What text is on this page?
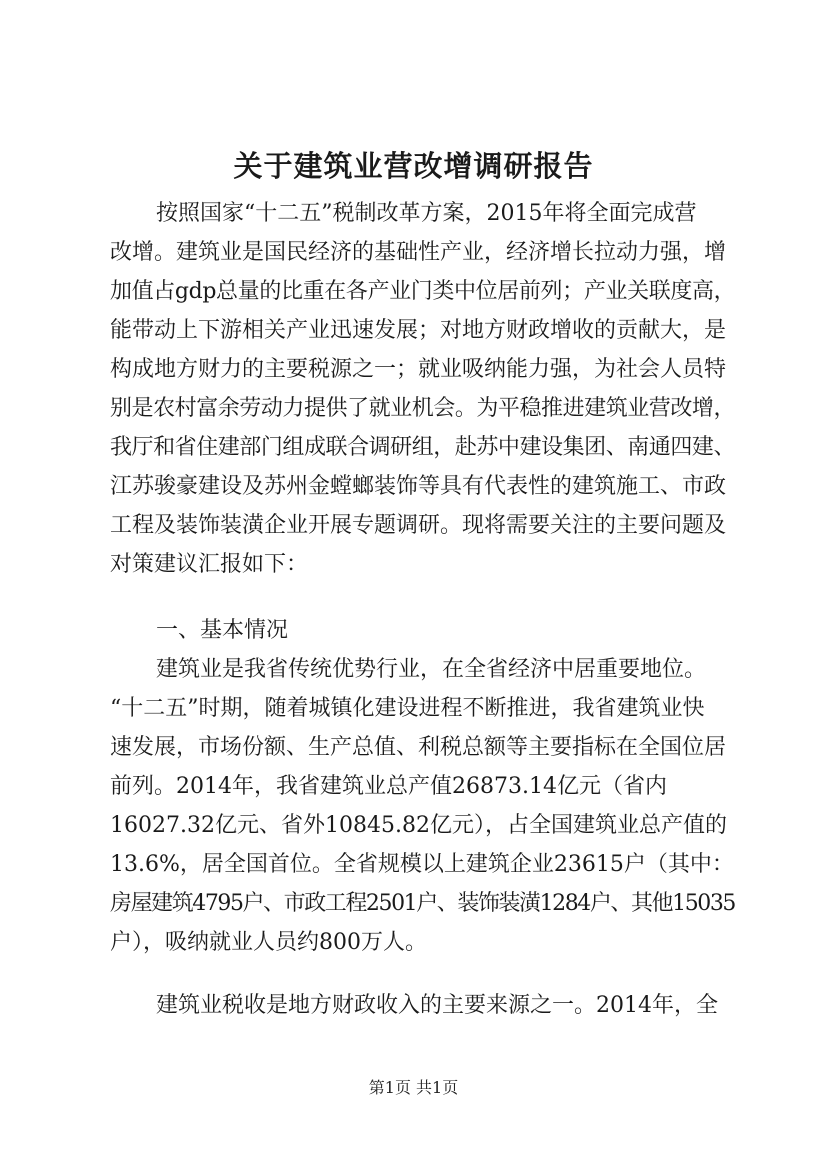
关于建筑业营改增调研报告
按照国家“十二五”税制改革方案，2015年将全面完成营
改增。建筑业是国民经济的基础性产业，经济增长拉动力强，增
加值占gdp总量的比重在各产业门类中位居前列；产业关联度高，
能带动上下游相关产业迅速发展；对地方财政增收的贡献大，是
构成地方财力的主要税源之一；就业吸纳能力强，为社会人员特
别是农村富余劳动力提供了就业机会。为平稳推进建筑业营改增，
我厅和省住建部门组成联合调研组，赴苏中建设集团、南通四建、
江苏骏豪建设及苏州金螳螂装饰等具有代表性的建筑施工、市政
工程及装饰装潢企业开展专题调研。现将需要关注的主要问题及
对策建议汇报如下：
一、基本情况
建筑业是我省传统优势行业，在全省经济中居重要地位。
“十二五”时期，随着城镇化建设进程不断推进，我省建筑业快
速发展，市场份额、生产总值、利税总额等主要指标在全国位居
前列。2014年，我省建筑业总产值26873.14亿元（省内
16027.32亿元、省外10845.82亿元），占全国建筑业总产值的
13.6%，居全国首位。全省规模以上建筑企业23615户（其中：
房屋建筑4795户、市政工程2501户、装饰装潢1284户、其他15035
户），吸纳就业人员约800万人。
建筑业税收是地方财政收入的主要来源之一。2014年，全
第1页 共1页
